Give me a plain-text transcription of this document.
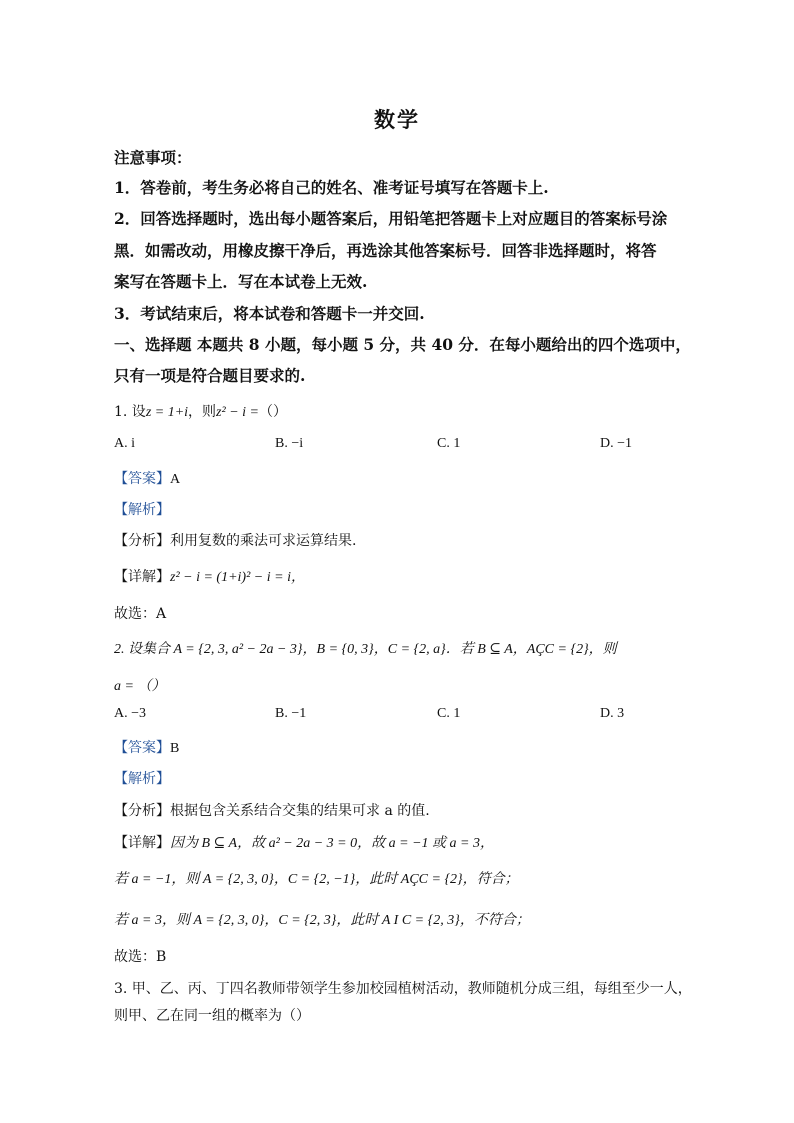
数学
注意事项：
1．答卷前，考生务必将自己的姓名、准考证号填写在答题卡上.
2．回答选择题时，选出每小题答案后，用铅笔把答题卡上对应题目的答案标号涂
黑．如需改动，用橡皮擦干净后，再选涂其他答案标号．回答非选择题时，将答
案写在答题卡上．写在本试卷上无效.
3．考试结束后，将本试卷和答题卡一并交回.
一、选择题 本题共 8 小题，每小题 5 分，共 40 分．在每小题给出的四个选项中，
只有一项是符合题目要求的.
1. 设z = 1+i，则z² − i =（）
A. i	B. −i	C. 1	D. −1
【答案】A
【解析】
【分析】利用复数的乘法可求运算结果.
【详解】z² − i = (1+i)² − i = i，
故选：A
2. 设集合 A = {2, 3, a² − 2a − 3}，B = {0, 3}，C = {2, a}．若 B ⊆ A，AÇC = {2}，则
a = （）
A. −3	B. −1	C. 1	D. 3
【答案】B
【解析】
【分析】根据包含关系结合交集的结果可求 a 的值.
【详解】因为 B ⊆ A，故 a² − 2a − 3 = 0，故 a = −1 或 a = 3，
若 a = −1，则 A = {2, 3, 0}，C = {2, −1}，此时 AÇC = {2}，符合；
若 a = 3，则 A = {2, 3, 0}，C = {2, 3}，此时 A I C = {2, 3}，不符合；
故选：B
3. 甲、乙、丙、丁四名教师带领学生参加校园植树活动，教师随机分成三组，每组至少一人，
则甲、乙在同一组的概率为（）
